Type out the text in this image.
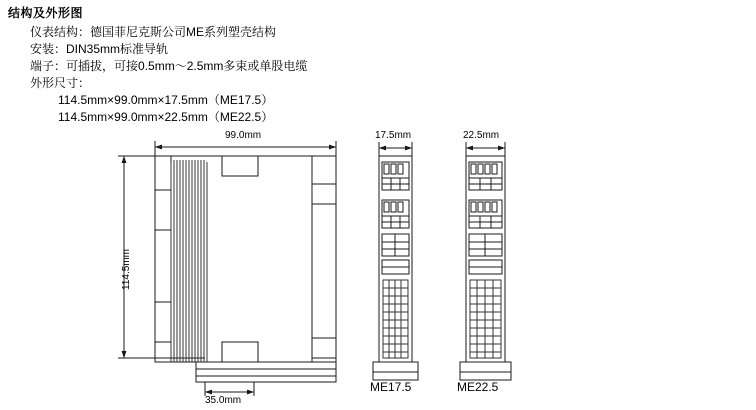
结构及外形图
仪表结构：德国菲尼克斯公司ME系列塑壳结构
安装：DIN35mm标准导轨
端子：可插拔，可接0.5mm～2.5mm多束或单股电缆
外形尺寸：
114.5mm×99.0mm×17.5mm（ME17.5）
114.5mm×99.0mm×22.5mm（ME22.5）
99.0mm
114.5mm
35.0mm
17.5mm	22.5mm
ME17.5	ME22.5
